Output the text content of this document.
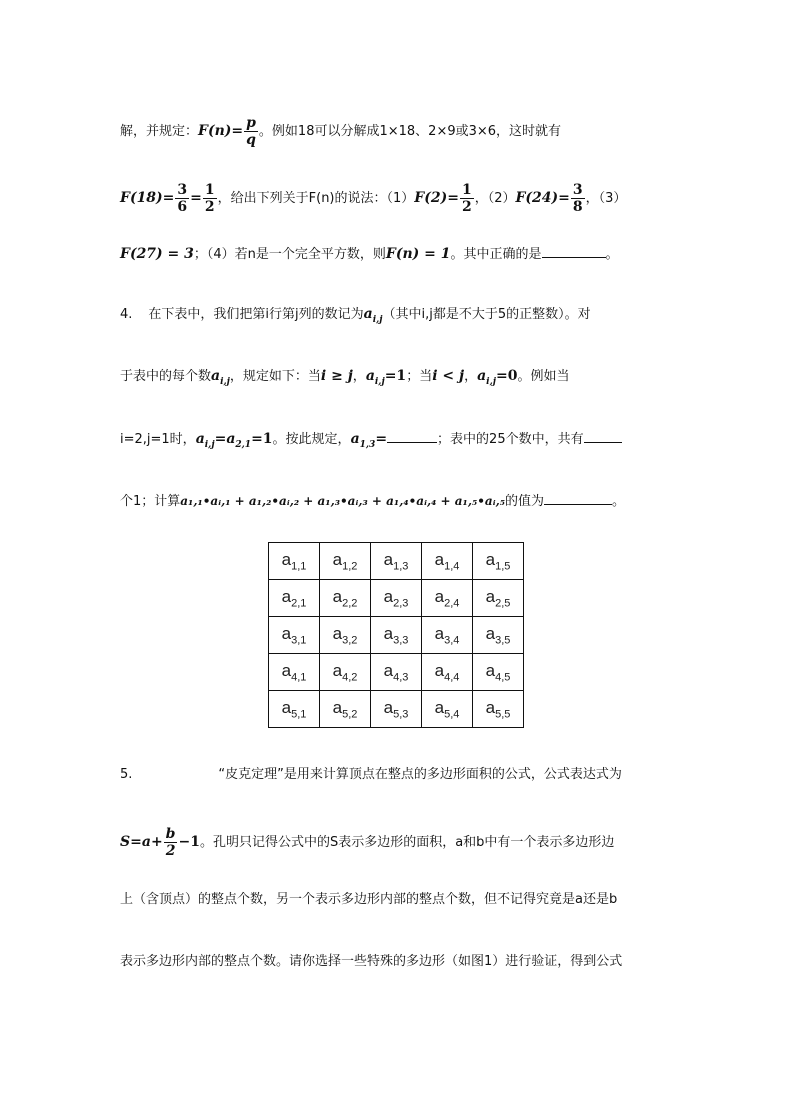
解，并规定：$F(n)= \frac{p}{q}$ 。例如18可以分解成1×18、2×9或3×6，这时就有
$F(18)= \frac{3}{6} = \frac{1}{2}$ ，给出下列关于F(n)的说法：$(1)F(2)= \frac{1}{2}$ ，$(2)F(24)= \frac{3}{8}$ ，（3）
F(27) = 3；（4）若n是一个完全平方数，则F(n) = 1。其中正确的是	。
4. 在下表中，我们把第i行第j列的数记为$a_{i,j}$（其中i,j都是不大于5的正整数）。对
于表中的每个数$a_{i,j}$，规定如下：当i ≥ j，$a_{i,j}=1$；当i < j，$a_{i,j}=0$。例如当
i=2,j=1时，$a_{i,j}=a_{2,1}=1$。按此规定，$a_{1,3}=$	；表中的25个数中，共有
个1；计算a₁,₁•aᵢ,₁ + a₁,₂•aᵢ,₂ + a₁,₃•aᵢ,₃ + a₁,₄•aᵢ,₄ + a₁,₅•aᵢ,₅的值为	。
$a_{1,1}$	$a_{1,2}$	$a_{1,3}$	$a_{1,4}$	$a_{1,5}$
$a_{2,1}$	$a_{2,2}$	$a_{2,3}$	$a_{2,4}$	$a_{2,5}$
$a_{3,1}$	$a_{3,2}$	$a_{3,3}$	$a_{3,4}$	$a_{3,5}$
$a_{4,1}$	$a_{4,2}$	$a_{4,3}$	$a_{4,4}$	$a_{4,5}$
$a_{5,1}$	$a_{5,2}$	$a_{5,3}$	$a_{5,4}$	$a_{5,5}$
5.	“皮克定理”是用来计算顶点在整点的多边形面积的公式，公式表达式为
$S=a+ \frac{b}{2} -1$。孔明只记得公式中的S表示多边形的面积，a和b中有一个表示多边形边
上（含顶点）的整点个数，另一个表示多边形内部的整点个数，但不记得究竟是a还是b
表示多边形内部的整点个数。请你选择一些特殊的多边形（如图1）进行验证，得到公式
